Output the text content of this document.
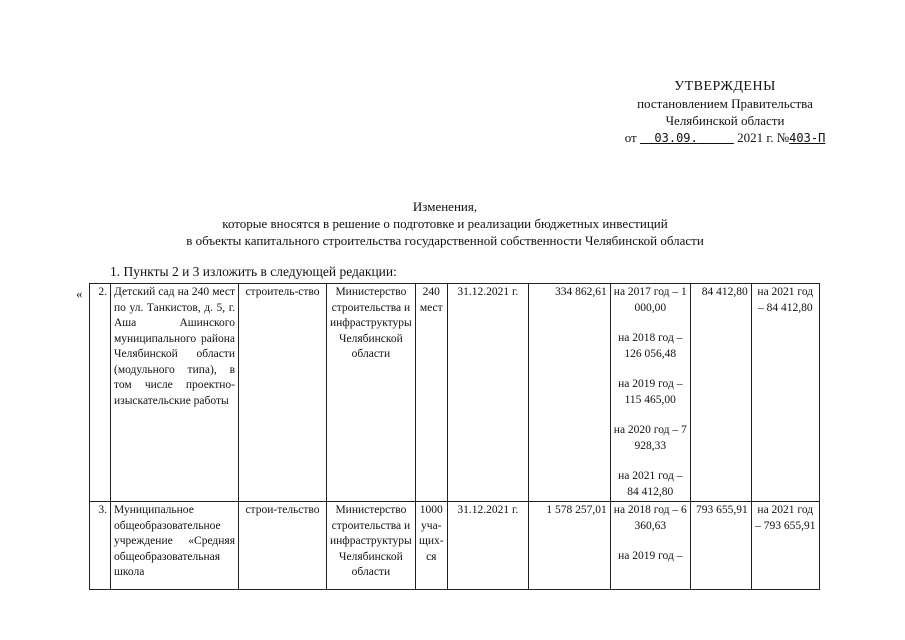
УТВЕРЖДЕНЫ
постановлением Правительства
Челябинской области
от 03.09.	2021 г. №403-П
Изменения,
которые вносятся в решение о подготовке и реализации бюджетных инвестиций
в объекты капитального строительства государственной собственности Челябинской области
1. Пункты 2 и 3 изложить в следующей редакции:
« 2.	Детский сад на 240 мест по ул. Танкистов, д. 5, г. Аша Ашинского муниципального района Челябинской области (модульного типа), в том числе проектно-изыскательские работы	строитель-ство	Министерство строительства и инфраструктуры Челябинской области	240 мест	31.12.2021 г.	334 862,61	на 2017 год – 1 000,00
на 2018 год – 126 056,48
на 2019 год – 115 465,00
на 2020 год – 7 928,33
на 2021 год – 84 412,80	84 412,80	на 2021 год – 84 412,80
3.	Муниципальное общеобразовательное учреждение «Средняя общеобразовательная школа	строи-тельство	Министерство строительства и инфраструктуры Челябинской области	1000 уча-щих-ся	31.12.2021 г.	1 578 257,01	на 2018 год – 6 360,63
на 2019 год –	793 655,91	на 2021 год – 793 655,91
